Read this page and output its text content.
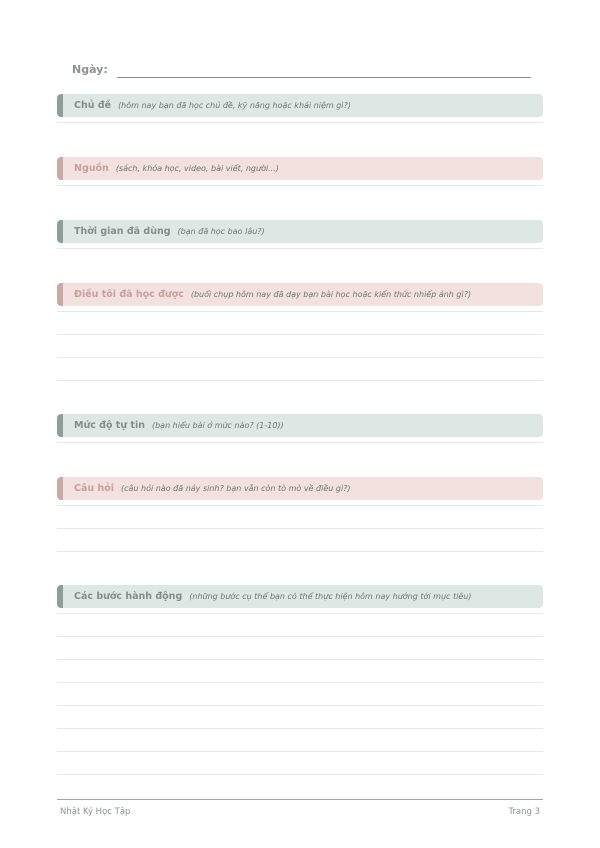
Ngày:
Chủ đề (hôm nay bạn đã học chủ đề, kỹ năng hoặc khái niệm gì?)
Nguồn (sách, khóa học, video, bài viết, người...)
Thời gian đã dùng (bạn đã học bao lâu?)
Điều tôi đã học được (buổi chụp hôm nay đã dạy bạn bài học hoặc kiến thức nhiếp ảnh gì?)
Mức độ tự tin (bạn hiểu bài ở mức nào? (1-10))
Câu hỏi (câu hỏi nào đã nảy sinh? bạn vẫn còn tò mò về điều gì?)
Các bước hành động (những bước cụ thể bạn có thể thực hiện hôm nay hướng tới mục tiêu)
Nhật Ký Học Tập	Trang 3
